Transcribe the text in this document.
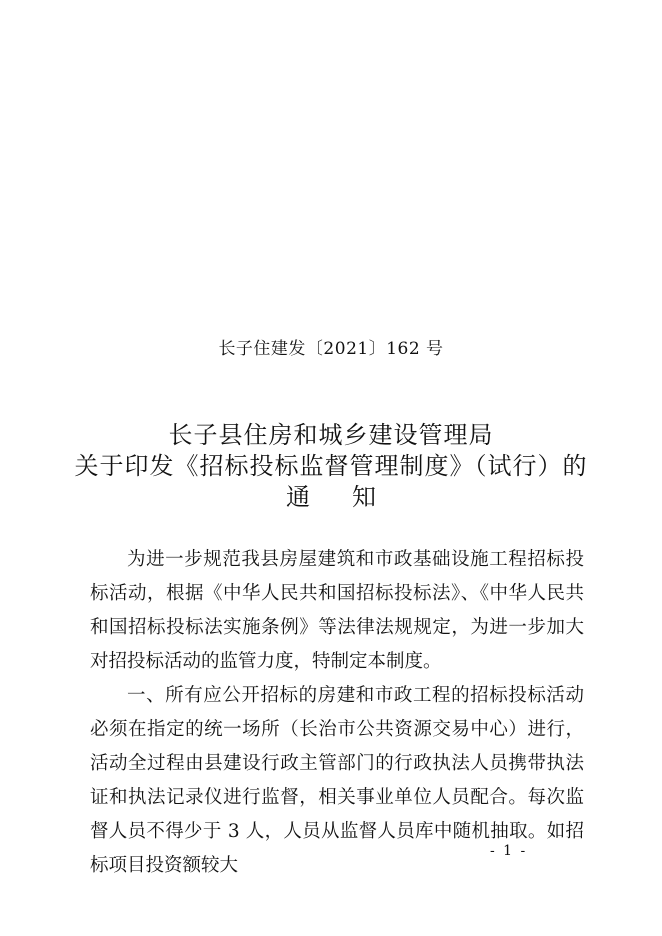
长子住建发〔2021〕162 号
长子县住房和城乡建设管理局
关于印发《招标投标监督管理制度》（试行）的
通知

为进一步规范我县房屋建筑和市政基础设施工程招标投标活动，根据《中华人民共和国招标投标法》、《中华人民共和国招标投标法实施条例》等法律法规规定，为进一步加大对招投标活动的监管力度，特制定本制度。

一、所有应公开招标的房建和市政工程的招标投标活动必须在指定的统一场所（长治市公共资源交易中心）进行，活动全过程由县建设行政主管部门的行政执法人员携带执法证和执法记录仪进行监督，相关事业单位人员配合。每次监督人员不得少于 3 人，人员从监督人员库中随机抽取。如招标项目投资额较大

- 1 -
